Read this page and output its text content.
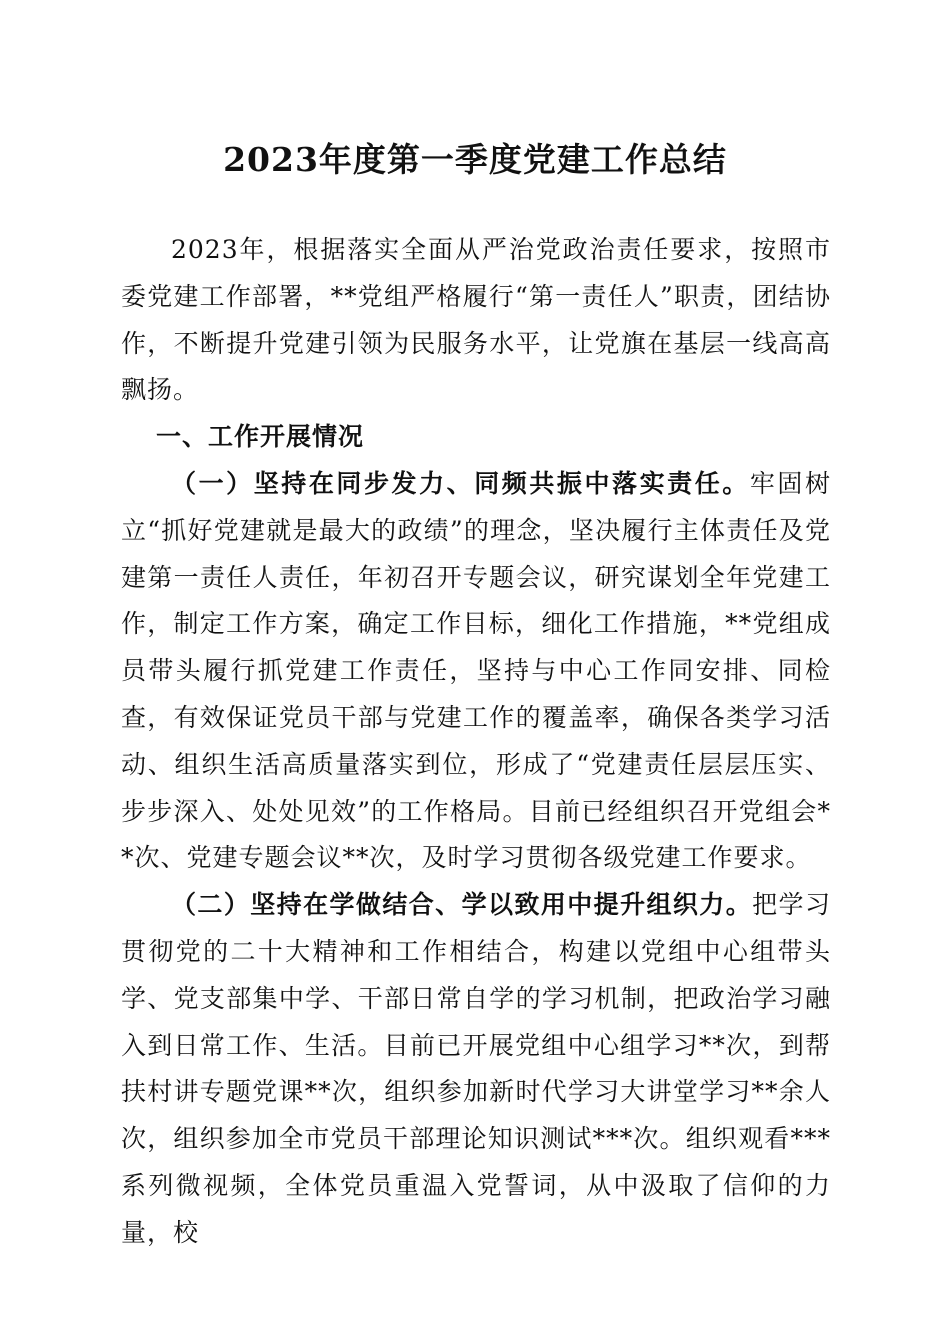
2023年度第一季度党建工作总结

2023年，根据落实全面从严治党政治责任要求，按照市委党建工作部署，**党组严格履行“第一责任人”职责，团结协作，不断提升党建引领为民服务水平，让党旗在基层一线高高飘扬。

一、工作开展情况

（一）坚持在同步发力、同频共振中落实责任。牢固树立“抓好党建就是最大的政绩”的理念，坚决履行主体责任及党建第一责任人责任，年初召开专题会议，研究谋划全年党建工作，制定工作方案，确定工作目标，细化工作措施，**党组成员带头履行抓党建工作责任，坚持与中心工作同安排、同检查，有效保证党员干部与党建工作的覆盖率，确保各类学习活动、组织生活高质量落实到位，形成了“党建责任层层压实、步步深入、处处见效”的工作格局。目前已经组织召开党组会**次、党建专题会议**次，及时学习贯彻各级党建工作要求。

（二）坚持在学做结合、学以致用中提升组织力。把学习贯彻党的二十大精神和工作相结合，构建以党组中心组带头学、党支部集中学、干部日常自学的学习机制，把政治学习融入到日常工作、生活。目前已开展党组中心组学习**次，到帮扶村讲专题党课**次，组织参加新时代学习大讲堂学习**余人次，组织参加全市党员干部理论知识测试***次。组织观看***系列微视频，全体党员重温入党誓词，从中汲取了信仰的力量，校
